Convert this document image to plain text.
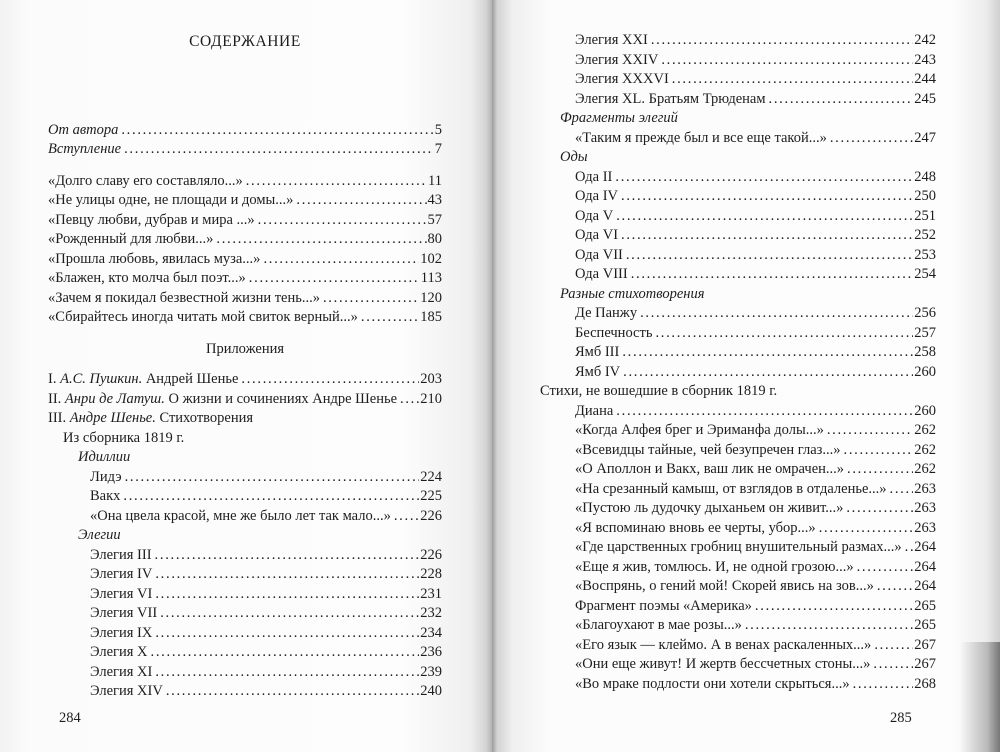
СОДЕРЖАНИЕ
От автора .....	5
Вступление .....	7
«Долго славу его составляло...» .....	11
«Не улицы одне, не площади и домы...» .....	43
«Певцу любви, дубрав и мира ...» .....	57
«Рожденный для любви...» .....	80
«Прошла любовь, явилась муза...» .....	102
«Блажен, кто молча был поэт...» .....	113
«Зачем я покидал безвестной жизни тень...» .....	120
«Сбирайтесь иногда читать мой свиток верный...» .....	185
Приложения
I. А.С. Пушкин. Андрей Шенье .....	203
II. Анри де Латуш. О жизни и сочинениях Андре Шенье ..... 210
III. Андре Шенье. Стихотворения
Из сборника 1819 г.
Идиллии
Лидэ .....	224
Вакх .....	225
«Она цвела красой, мне же было лет так мало...» ..... 226
Элегии
Элегия III .....	226
Элегия IV .....	228
Элегия VI .....	231
Элегия VII .....	232
Элегия IX .....	234
Элегия X .....	236
Элегия XI .....	239
Элегия XIV .....	240
284
Элегия XXI .....	242
Элегия XXIV .....	243
Элегия XXXVI .....	244
Элегия XL. Братьям Трюденам .....	245
Фрагменты элегий
«Таким я прежде был и все еще такой...» .....	247
Оды
Ода II .....	248
Ода IV .....	250
Ода V .....	251
Ода VI .....	252
Ода VII .....	253
Ода VIII .....	254
Разные стихотворения
Де Панжу .....	256
Беспечность .....	257
Ямб III .....	258
Ямб IV .....	260
Стихи, не вошедшие в сборник 1819 г.
Диана .....	260
«Когда Алфея брег и Эриманфа долы...» .....	262
«Всевидцы тайные, чей безупречен глаз...» .....	262
«О Аполлон и Вакх, ваш лик не омрачен...» .....	262
«На срезанный камыш, от взглядов в отдаленье...» ..... 263
«Пустою ль дудочку дыханьем он живит...» .....	263
«Я вспоминаю вновь ее черты, убор...» .....	263
«Где царственных гробниц внушительный размах...» ..... 264
«Еще я жив, томлюсь. И, не одной грозою...» .....	264
«Воспрянь, о гений мой! Скорей явись на зов...» .....	264
Фрагмент поэмы «Америка» .....	265
«Благоухают в мае розы...» .....	265
«Его язык — клеймо. А в венах раскаленных...» .....	267
«Они еще живут! И жертв бессчетных стоны...» .....	267
«Во мраке подлости они хотели скрыться...» .....	268
285
